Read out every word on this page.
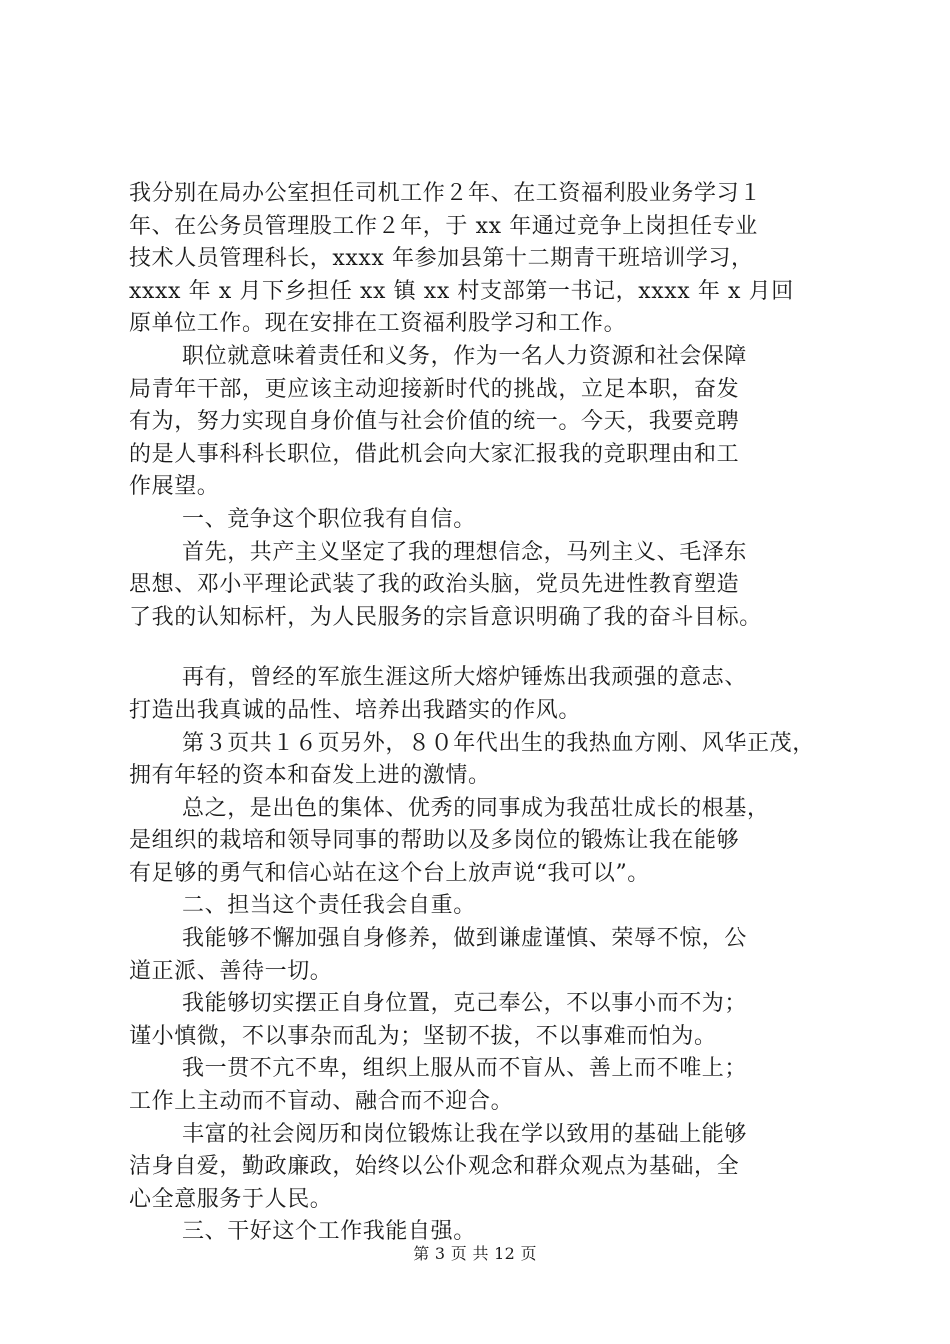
我分别在局办公室担任司机工作２年、在工资福利股业务学习１
年、在公务员管理股工作２年，于 xx 年通过竞争上岗担任专业
技术人员管理科长，xxxx 年参加县第十二期青干班培训学习，
xxxx 年 x 月下乡担任 xx 镇 xx 村支部第一书记，xxxx 年 x 月回
原单位工作。现在安排在工资福利股学习和工作。
职位就意味着责任和义务，作为一名人力资源和社会保障
局青年干部，更应该主动迎接新时代的挑战，立足本职，奋发
有为，努力实现自身价值与社会价值的统一。今天，我要竞聘
的是人事科科长职位，借此机会向大家汇报我的竞职理由和工
作展望。
一、竞争这个职位我有自信。
首先，共产主义坚定了我的理想信念，马列主义、毛泽东
思想、邓小平理论武装了我的政治头脑，党员先进性教育塑造
了我的认知标杆，为人民服务的宗旨意识明确了我的奋斗目标。
再有，曾经的军旅生涯这所大熔炉锤炼出我顽强的意志、
打造出我真诚的品性、培养出我踏实的作风。
第３页共１６页另外，８０年代出生的我热血方刚、风华正茂，
拥有年轻的资本和奋发上进的激情。
总之，是出色的集体、优秀的同事成为我茁壮成长的根基，
是组织的栽培和领导同事的帮助以及多岗位的锻炼让我在能够
有足够的勇气和信心站在这个台上放声说“我可以”。
二、担当这个责任我会自重。
我能够不懈加强自身修养，做到谦虚谨慎、荣辱不惊，公
道正派、善待一切。
我能够切实摆正自身位置，克己奉公，不以事小而不为；
谨小慎微，不以事杂而乱为；坚韧不拔，不以事难而怕为。
我一贯不亢不卑，组织上服从而不盲从、善上而不唯上；
工作上主动而不盲动、融合而不迎合。
丰富的社会阅历和岗位锻炼让我在学以致用的基础上能够
洁身自爱，勤政廉政，始终以公仆观念和群众观点为基础，全
心全意服务于人民。
三、干好这个工作我能自强。
第 3 页 共 12 页
